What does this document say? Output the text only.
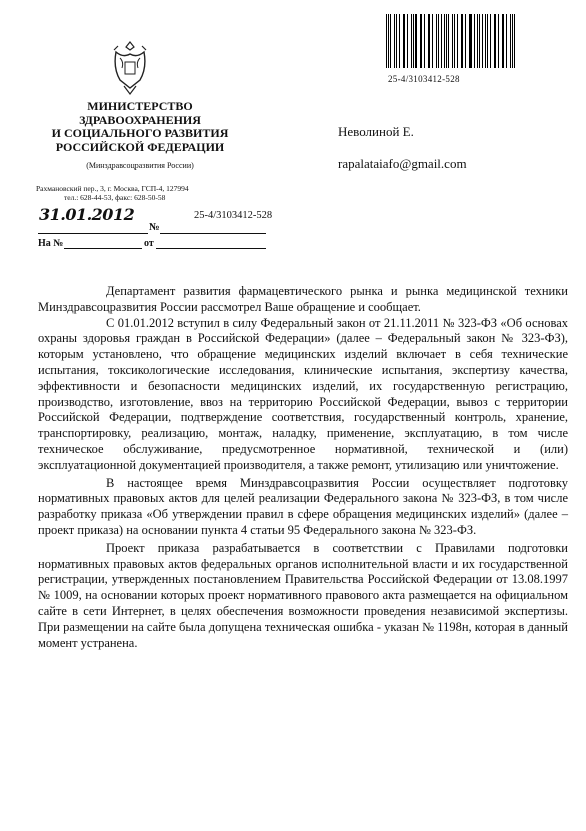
25-4/3103412-528
МИНИСТЕРСТВО
ЗДРАВООХРАНЕНИЯ
И СОЦИАЛЬНОГО РАЗВИТИЯ
РОССИЙСКОЙ ФЕДЕРАЦИИ
(Минздравсоцразвития России)
Рахмановский пер., 3, г. Москва, ГСП-4, 127994
тел.: 628-44-53, факс: 628-50-58
31.01.2012
№
25-4/3103412-528
На №	от
Неволиной Е.
rapalataiafo@gmail.com

Департамент развития фармацевтического рынка и рынка медицинской техники Минздравсоцразвития России рассмотрел Ваше обращение и сообщает.

С 01.01.2012 вступил в силу Федеральный закон от 21.11.2011 № 323-ФЗ «Об основах охраны здоровья граждан в Российской Федерации» (далее – Федеральный закон № 323-ФЗ), которым установлено, что обращение медицинских изделий включает в себя технические испытания, токсикологические исследования, клинические испытания, экспертизу качества, эффективности и безопасности медицинских изделий, их государственную регистрацию, производство, изготовление, ввоз на территорию Российской Федерации, вывоз с территории Российской Федерации, подтверждение соответствия, государственный контроль, хранение, транспортировку, реализацию, монтаж, наладку, применение, эксплуатацию, в том числе техническое обслуживание, предусмотренное нормативной, технической и (или) эксплуатационной документацией производителя, а также ремонт, утилизацию или уничтожение.

В настоящее время Минздравсоцразвития России осуществляет подготовку нормативных правовых актов для целей реализации Федерального закона № 323-ФЗ, в том числе разработку приказа «Об утверждении правил в сфере обращения медицинских изделий» (далее – проект приказа) на основании пункта 4 статьи 95 Федерального закона № 323-ФЗ.

Проект приказа разрабатывается в соответствии с Правилами подготовки нормативных правовых актов федеральных органов исполнительной власти и их государственной регистрации, утвержденных постановлением Правительства Российской Федерации от 13.08.1997 № 1009, на основании которых проект нормативного правового акта размещается на официальном сайте в сети Интернет, в целях обеспечения возможности проведения независимой экспертизы. При размещении на сайте была допущена техническая ошибка - указан № 1198н, которая в данный момент устранена.
